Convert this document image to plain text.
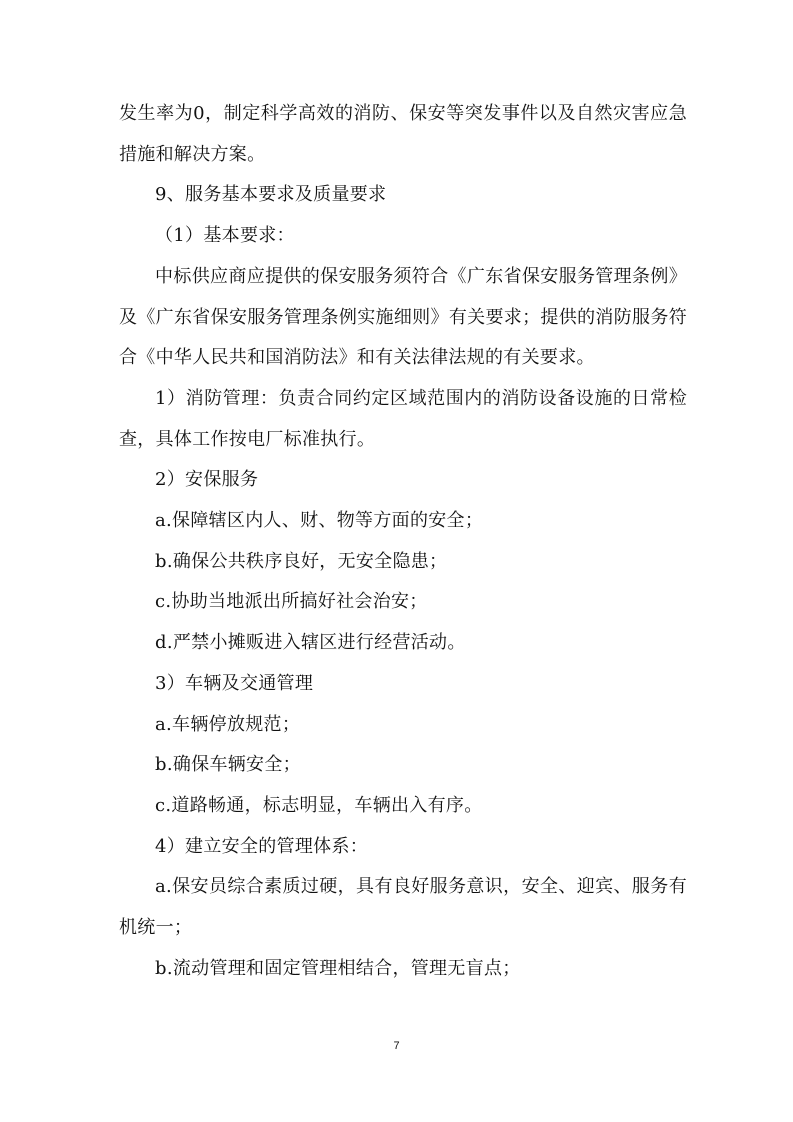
发生率为0，制定科学高效的消防、保安等突发事件以及自然灾害应急措施和解决方案。

9、服务基本要求及质量要求

（1）基本要求：

中标供应商应提供的保安服务须符合《广东省保安服务管理条例》及《广东省保安服务管理条例实施细则》有关要求；提供的消防服务符合《中华人民共和国消防法》和有关法律法规的有关要求。

1）消防管理：负责合同约定区域范围内的消防设备设施的日常检查，具体工作按电厂标准执行。

2）安保服务

a.保障辖区内人、财、物等方面的安全；

b.确保公共秩序良好，无安全隐患；

c.协助当地派出所搞好社会治安；

d.严禁小摊贩进入辖区进行经营活动。

3）车辆及交通管理

a.车辆停放规范；

b.确保车辆安全；

c.道路畅通，标志明显，车辆出入有序。

4）建立安全的管理体系：

a.保安员综合素质过硬，具有良好服务意识，安全、迎宾、服务有机统一；

b.流动管理和固定管理相结合，管理无盲点；

7
